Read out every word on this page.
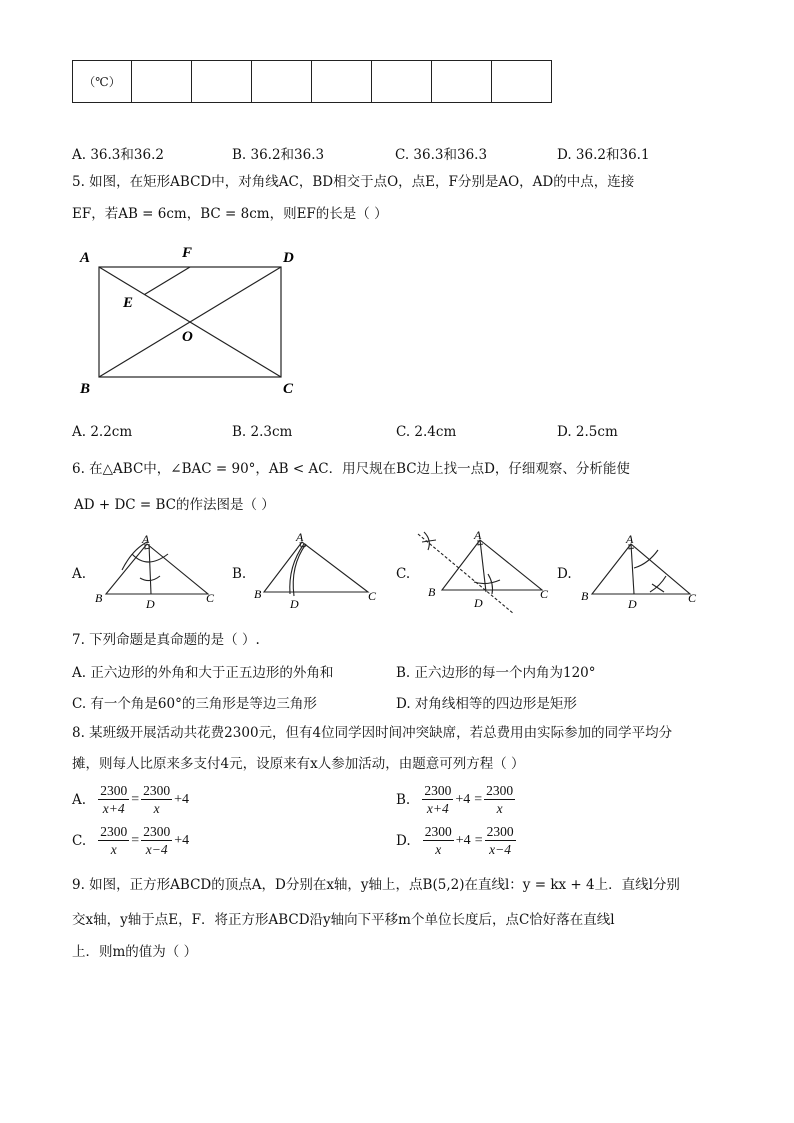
（℃）							
A. 36.3和36.2	B. 36.2和36.3	C. 36.3和36.3	D. 36.2和36.1
5. 如图，在矩形ABCD中，对角线AC，BD相交于点O，点E，F分别是AO，AD的中点，连接
EF，若AB = 6cm，BC = 8cm，则EF的长是（ ）
A	F	D
E
O
B	C
A. 2.2cm	B. 2.3cm	C. 2.4cm	D. 2.5cm
6. 在△ABC中，∠BAC = 90°，AB < AC．用尺规在BC边上找一点D，仔细观察、分析能使
AD + DC = BC的作法图是（ ）
A.
A
B	D	C
B.
A
B
D
C
C.
A
B
D
C
D.
A
B
D	C
7. 下列命题是真命题的是（ ）.
A. 正六边形的外角和大于正五边形的外角和	B. 正六边形的每一个内角为120°
C. 有一个角是60°的三角形是等边三角形	D. 对角线相等的四边形是矩形
8. 某班级开展活动共花费2300元，但有4位同学因时间冲突缺席，若总费用由实际参加的同学平均分
摊，则每人比原来多支付4元，设原来有x人参加活动，由题意可列方程（ ）
A. $\frac{2300}{x+4} = \frac{2300}{x} +4$	B. $\frac{2300}{x+4} +4 = \frac{2300}{x}$
C. $\frac{2300}{x} = \frac{2300}{x-4} +4$	D. $\frac{2300}{x} +4 = \frac{2300}{x-4}$
9. 如图，正方形ABCD的顶点A，D分别在x轴，y轴上，点B(5,2)在直线l：y = kx + 4上．直线l分别
交x轴，y轴于点E，F．将正方形ABCD沿y轴向下平移m个单位长度后，点C恰好落在直线l
上．则m的值为（ ）
